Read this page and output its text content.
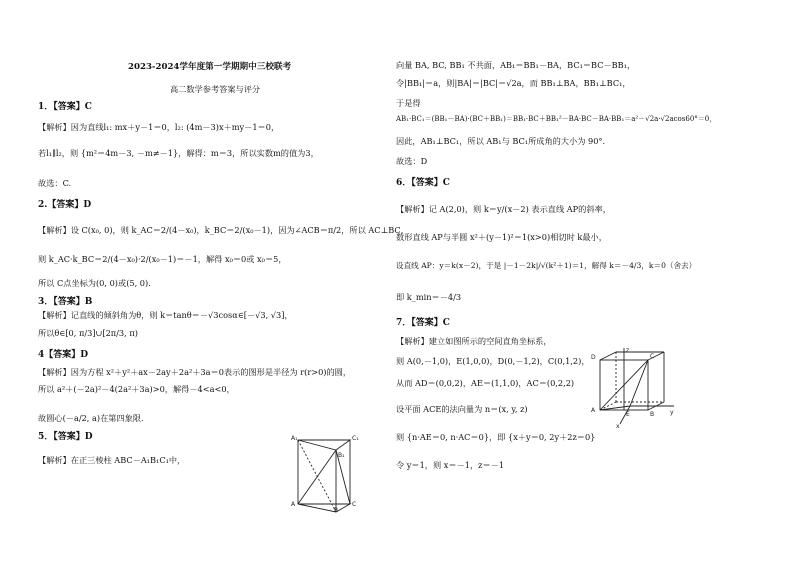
2023-2024学年度第一学期期中三校联考
高二数学参考答案与评分
1．【答案】C
【解析】因为直线l₁: mx＋y－1＝0，l₂: (4m－3)x＋my－1＝0，
若l₁∥l₂，则 {m²＝4m－3, －m≠－1}，解得：m＝3，所以实数m的值为3，
故选：C.
2.【答案】D
【解析】设 C(x₀, 0)，则 k_AC＝2/(4－x₀)，k_BC＝2/(x₀－1)，因为∠ACB＝π/2，所以 AC⊥BC，
则 k_AC·k_BC＝2/(4－x₀)·2/(x₀－1)＝－1，解得 x₀＝0或 x₀＝5，
所以 C点坐标为(0, 0)或(5, 0).
3．【答案】B
【解析】记直线的倾斜角为θ，则 k＝tanθ＝－√3cosα∈[－√3, √3]，
所以θ∈[0, π/3]∪[2π/3, π)
4【答案】D
【解析】因为方程 x²＋y²＋ax－2ay＋2a²＋3a＝0表示的图形是半径为 r(r>0)的圆，
所以 a²＋(－2a)²－4(2a²＋3a)>0，解得－4<a<0，
故圆心(－a/2, a)在第四象限.
5．【答案】D
【解析】在正三棱柱 ABC－A₁B₁C₁中，
A₁	C₁
B₁
A	C
B
向量 BA, BC, BB₁ 不共面，AB₁＝BB₁－BA，BC₁＝BC－BB₁，
令|BB₁|＝a，则|BA|＝|BC|＝√2a，而 BB₁⊥BA，BB₁⊥BC₁，
于是得
AB₁·BC₁＝(BB₁－BA)·(BC＋BB₁)＝BB₁·BC＋BB₁²－BA·BC－BA·BB₁＝a²－√2a·√2acos60°＝0，
因此，AB₁⊥BC₁，所以 AB₁与 BC₁所成角的大小为 90°.
故选：D
6．【答案】C
【解析】记 A(2,0)，则 k＝y/(x－2) 表示直线 AP的斜率，
数形直线 AP与半圆 x²＋(y－1)²＝1(x>0)相切时 k最小，
设直线 AP：y＝k(x－2)，于是 |－1－2k|/√(k²＋1)＝1，解得 k＝－4/3，k＝0（舍去）
即 k_min＝－4/3
7．【答案】C
【解析】建立如图所示的空间直角坐标系，
则 A(0,－1,0)，E(1,0,0)，D(0,－1,2)，C(0,1,2)，
从而 AD＝(0,0,2)，AE＝(1,1,0)，AC＝(0,2,2)
设平面 ACE的法向量为 n＝(x, y, z)
则 {n·AE＝0, n·AC＝0}，即 {x＋y＝0, 2y＋2z＝0}
令 y＝1，则 x＝－1，z＝－1
D	C
A
E	B
x
y
z
